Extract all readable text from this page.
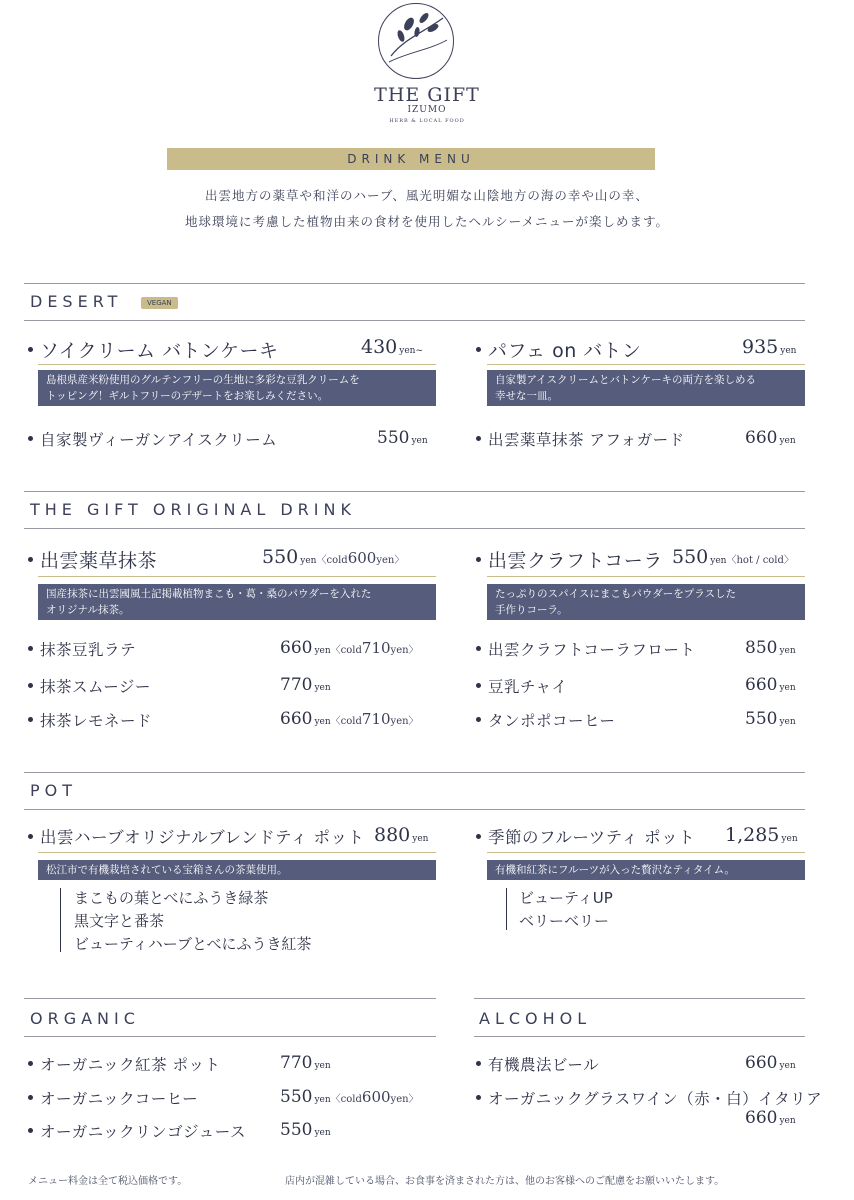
THE GIFT
IZUMO
HERB & LOCAL FOOD
DRINK MENU
出雲地方の薬草や和洋のハーブ、風光明媚な山陰地方の海の幸や山の幸、
地球環境に考慮した植物由来の食材を使用したヘルシーメニューが楽しめます。
DESERT	VEGAN
ソイクリーム バトンケーキ	430 yen~
島根県産米粉使用のグルテンフリーの生地に多彩な豆乳クリームを
トッピング！ギルトフリーのデザートをお楽しみください。
パフェ on バトン	935 yen
自家製アイスクリームとバトンケーキの両方を楽しめる
幸せな一皿。
自家製ヴィーガンアイスクリーム	550 yen	出雲薬草抹茶 アフォガード	660 yen
THE GIFT ORIGINAL DRINK
出雲薬草抹茶	550 yen〈cold600yen〉
国産抹茶に出雲國風土記掲載植物まこも・葛・桑のパウダーを入れた
オリジナル抹茶。
出雲クラフトコーラ 550 yen〈hot / cold〉
たっぷりのスパイスにまこもパウダーをプラスした
手作りコーラ。
抹茶豆乳ラテ	660 yen〈cold710yen〉
抹茶スムージー	770 yen
抹茶レモネード	660 yen〈cold710yen〉
出雲クラフトコーラフロート	850 yen
豆乳チャイ	660 yen
タンポポコーヒー	550 yen
POT
出雲ハーブオリジナルブレンドティ ポット 880 yen
松江市で有機栽培されている宝箱さんの茶葉使用。
まこもの葉とべにふうき緑茶
黒文字と番茶
ビューティハーブとべにふうき紅茶
季節のフルーツティ ポット 1,285 yen
有機和紅茶にフルーツが入った贅沢なティタイム。
ビューティUP
ベリーベリー
ORGANIC
オーガニック紅茶 ポット	770 yen
オーガニックコーヒー	550 yen〈cold600yen〉
オーガニックリンゴジュース 550 yen
ALCOHOL
有機農法ビール	660 yen
オーガニックグラスワイン（赤・白）イタリア
660 yen
メニュー料金は全て税込価格です。	店内が混雑している場合、お食事を済まされた方は、他のお客様へのご配慮をお願いいたします。
